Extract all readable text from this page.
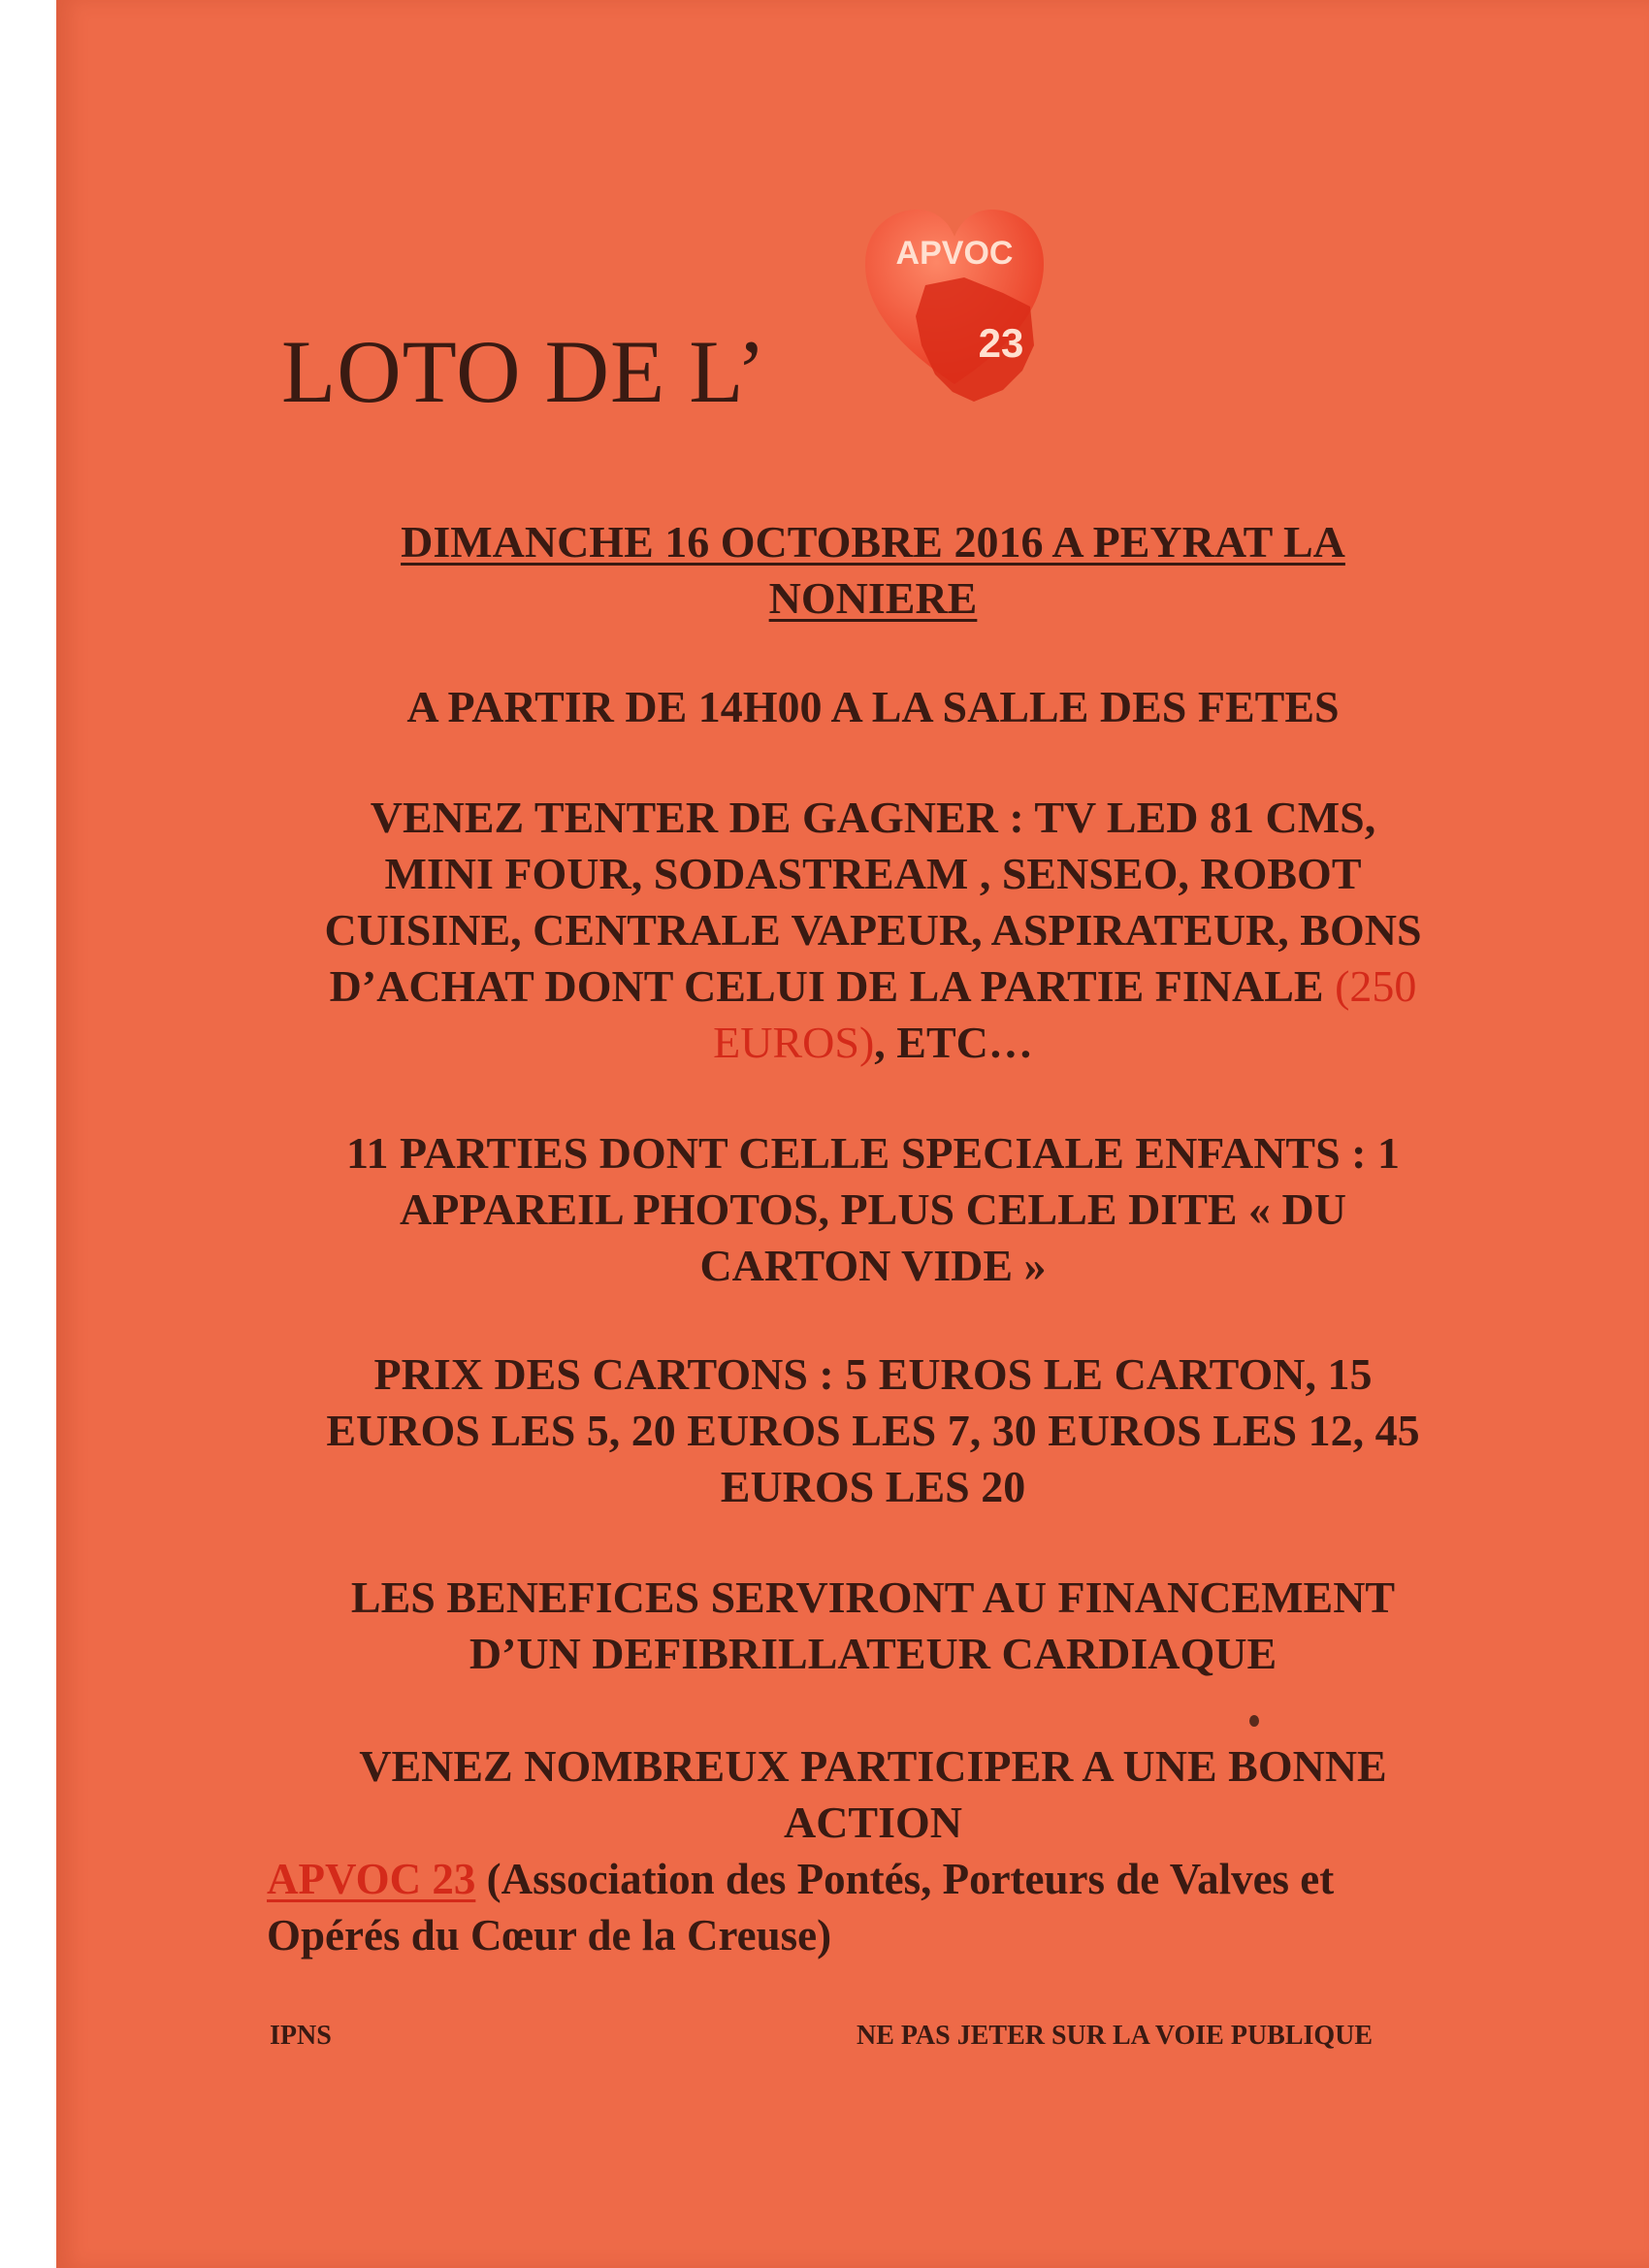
LOTO DE L’
APVOC
23
DIMANCHE 16 OCTOBRE 2016 A PEYRAT LA
NONIERE
A PARTIR DE 14H00 A LA SALLE DES FETES
VENEZ TENTER DE GAGNER : TV LED 81 CMS,
MINI FOUR, SODASTREAM , SENSEO, ROBOT
CUISINE, CENTRALE VAPEUR, ASPIRATEUR, BONS
D’ACHAT DONT CELUI DE LA PARTIE FINALE (250
EUROS), ETC…
11 PARTIES DONT CELLE SPECIALE ENFANTS : 1
APPAREIL PHOTOS, PLUS CELLE DITE « DU
CARTON VIDE »
PRIX DES CARTONS : 5 EUROS LE CARTON, 15
EUROS LES 5, 20 EUROS LES 7, 30 EUROS LES 12, 45
EUROS LES 20
LES BENEFICES SERVIRONT AU FINANCEMENT
D’UN DEFIBRILLATEUR CARDIAQUE
VENEZ NOMBREUX PARTICIPER A UNE BONNE
ACTION
APVOC 23 (Association des Pontés, Porteurs de Valves et
Opérés du Cœur de la Creuse)
IPNS	NE PAS JETER SUR LA VOIE PUBLIQUE
